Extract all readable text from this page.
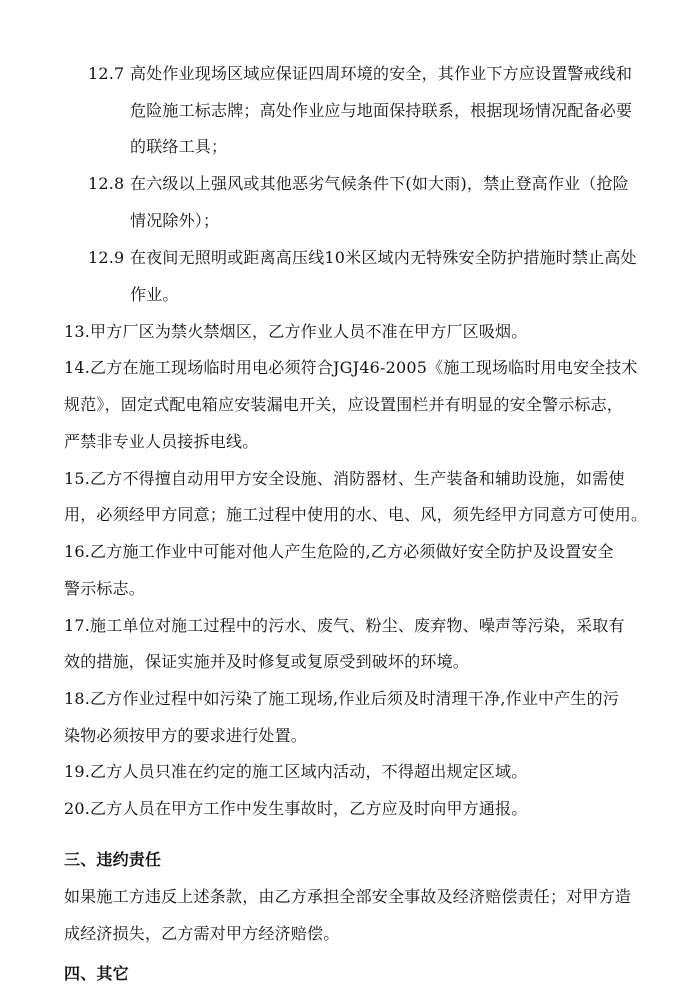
12.7 高处作业现场区域应保证四周环境的安全，其作业下方应设置警戒线和
危险施工标志牌；高处作业应与地面保持联系，根据现场情况配备必要
的联络工具；
12.8 在六级以上强风或其他恶劣气候条件下(如大雨)，禁止登高作业（抢险
情况除外）；
12.9 在夜间无照明或距离高压线10米区域内无特殊安全防护措施时禁止高处
作业。
13.甲方厂区为禁火禁烟区，乙方作业人员不准在甲方厂区吸烟。
14.乙方在施工现场临时用电必须符合JGJ46-2005《施工现场临时用电安全技术
规范》，固定式配电箱应安装漏电开关，应设置围栏并有明显的安全警示标志，
严禁非专业人员接拆电线。
15.乙方不得擅自动用甲方安全设施、消防器材、生产装备和辅助设施，如需使
用，必须经甲方同意；施工过程中使用的水、电、风，须先经甲方同意方可使用。
16.乙方施工作业中可能对他人产生危险的,乙方必须做好安全防护及设置安全
警示标志。
17.施工单位对施工过程中的污水、废气、粉尘、废弃物、噪声等污染，采取有
效的措施，保证实施并及时修复或复原受到破坏的环境。
18.乙方作业过程中如污染了施工现场,作业后须及时清理干净,作业中产生的污
染物必须按甲方的要求进行处置。
19.乙方人员只准在约定的施工区域内活动，不得超出规定区域。
20.乙方人员在甲方工作中发生事故时，乙方应及时向甲方通报。
三、违约责任
如果施工方违反上述条款，由乙方承担全部安全事故及经济赔偿责任；对甲方造
成经济损失，乙方需对甲方经济赔偿。
四、其它
